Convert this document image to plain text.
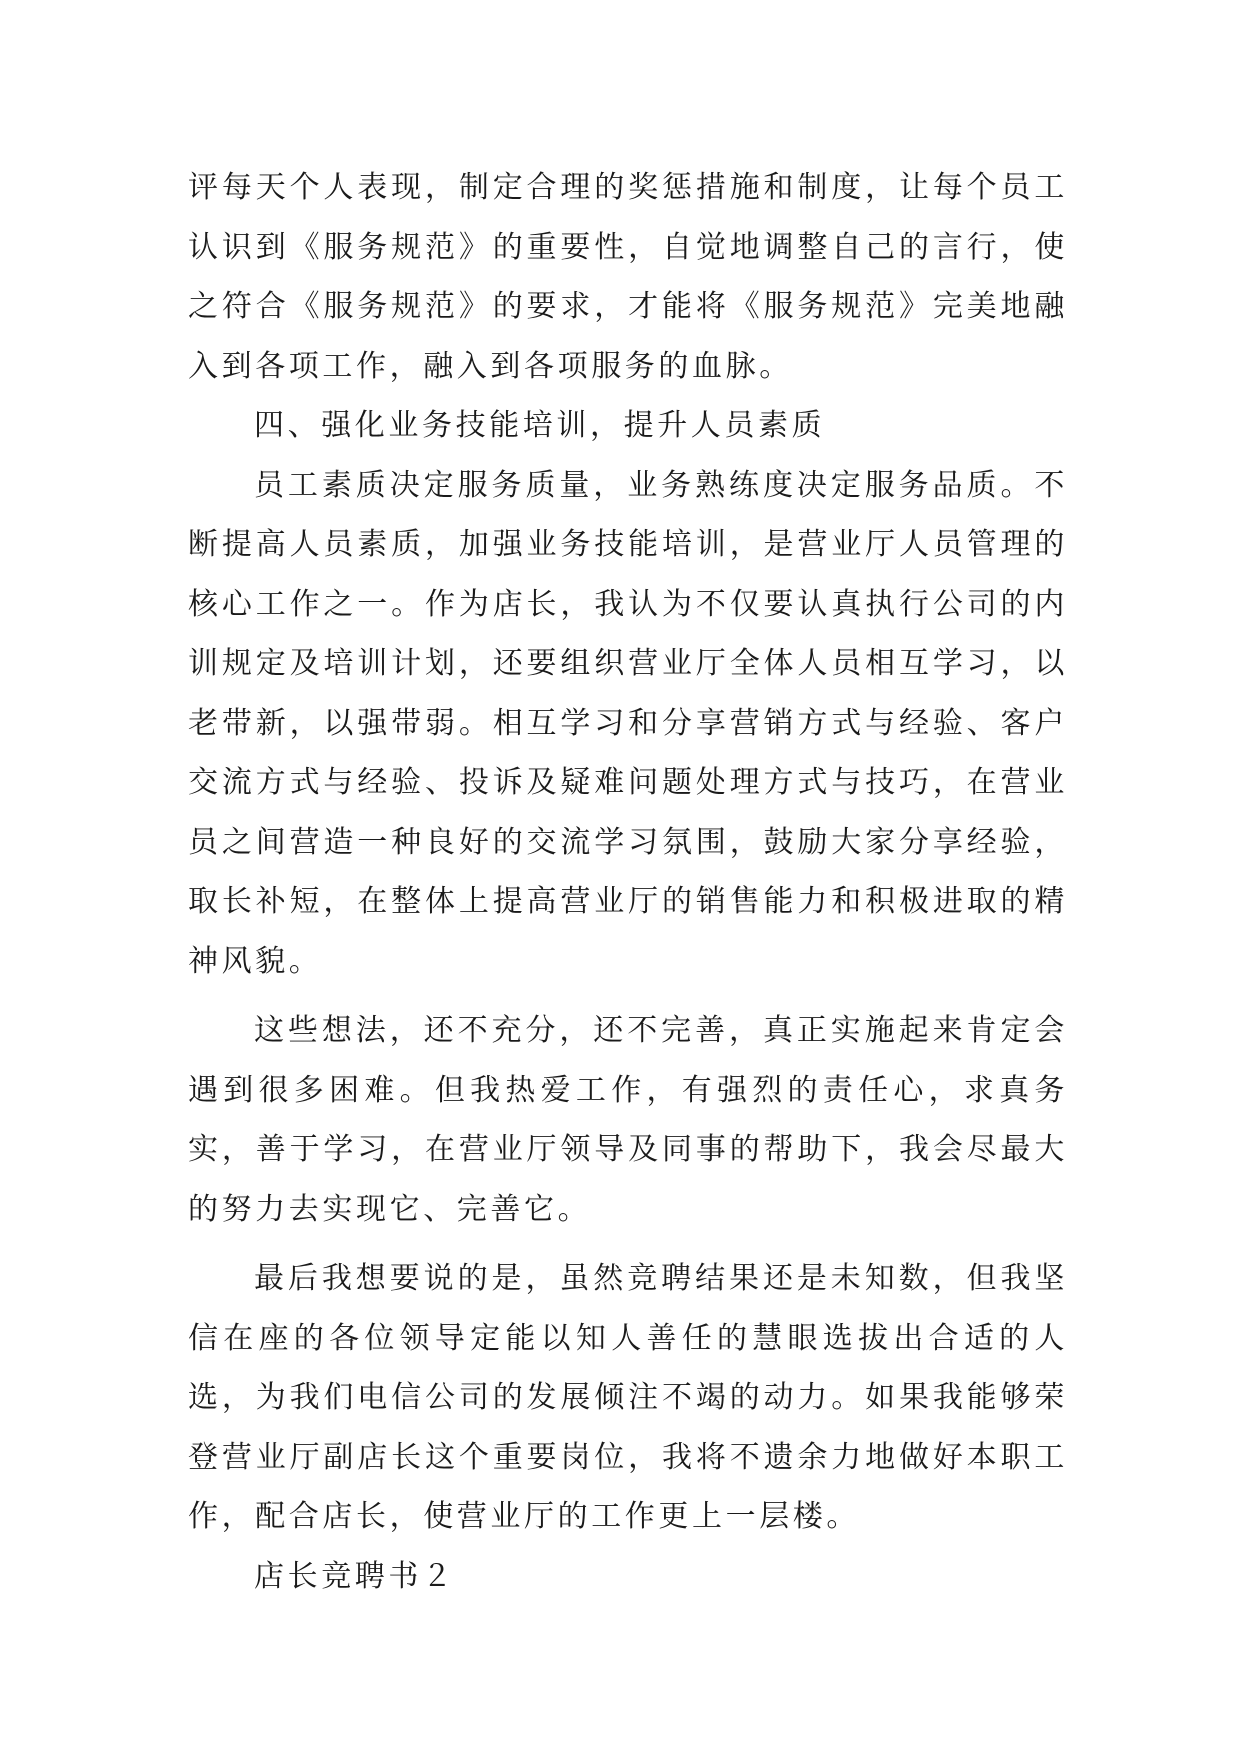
评每天个人表现，制定合理的奖惩措施和制度，让每个员工认识到《服务规范》的重要性，自觉地调整自己的言行，使之符合《服务规范》的要求，才能将《服务规范》完美地融入到各项工作，融入到各项服务的血脉。

四、强化业务技能培训，提升人员素质

员工素质决定服务质量，业务熟练度决定服务品质。不断提高人员素质，加强业务技能培训，是营业厅人员管理的核心工作之一。作为店长，我认为不仅要认真执行公司的内训规定及培训计划，还要组织营业厅全体人员相互学习，以老带新，以强带弱。相互学习和分享营销方式与经验、客户交流方式与经验、投诉及疑难问题处理方式与技巧，在营业员之间营造一种良好的交流学习氛围，鼓励大家分享经验，取长补短，在整体上提高营业厅的销售能力和积极进取的精神风貌。

这些想法，还不充分，还不完善，真正实施起来肯定会遇到很多困难。但我热爱工作，有强烈的责任心，求真务实，善于学习，在营业厅领导及同事的帮助下，我会尽最大的努力去实现它、完善它。

最后我想要说的是，虽然竞聘结果还是未知数，但我坚信在座的各位领导定能以知人善任的慧眼选拔出合适的人选，为我们电信公司的发展倾注不竭的动力。如果我能够荣登营业厅副店长这个重要岗位，我将不遗余力地做好本职工作，配合店长，使营业厅的工作更上一层楼。

店长竞聘书２
